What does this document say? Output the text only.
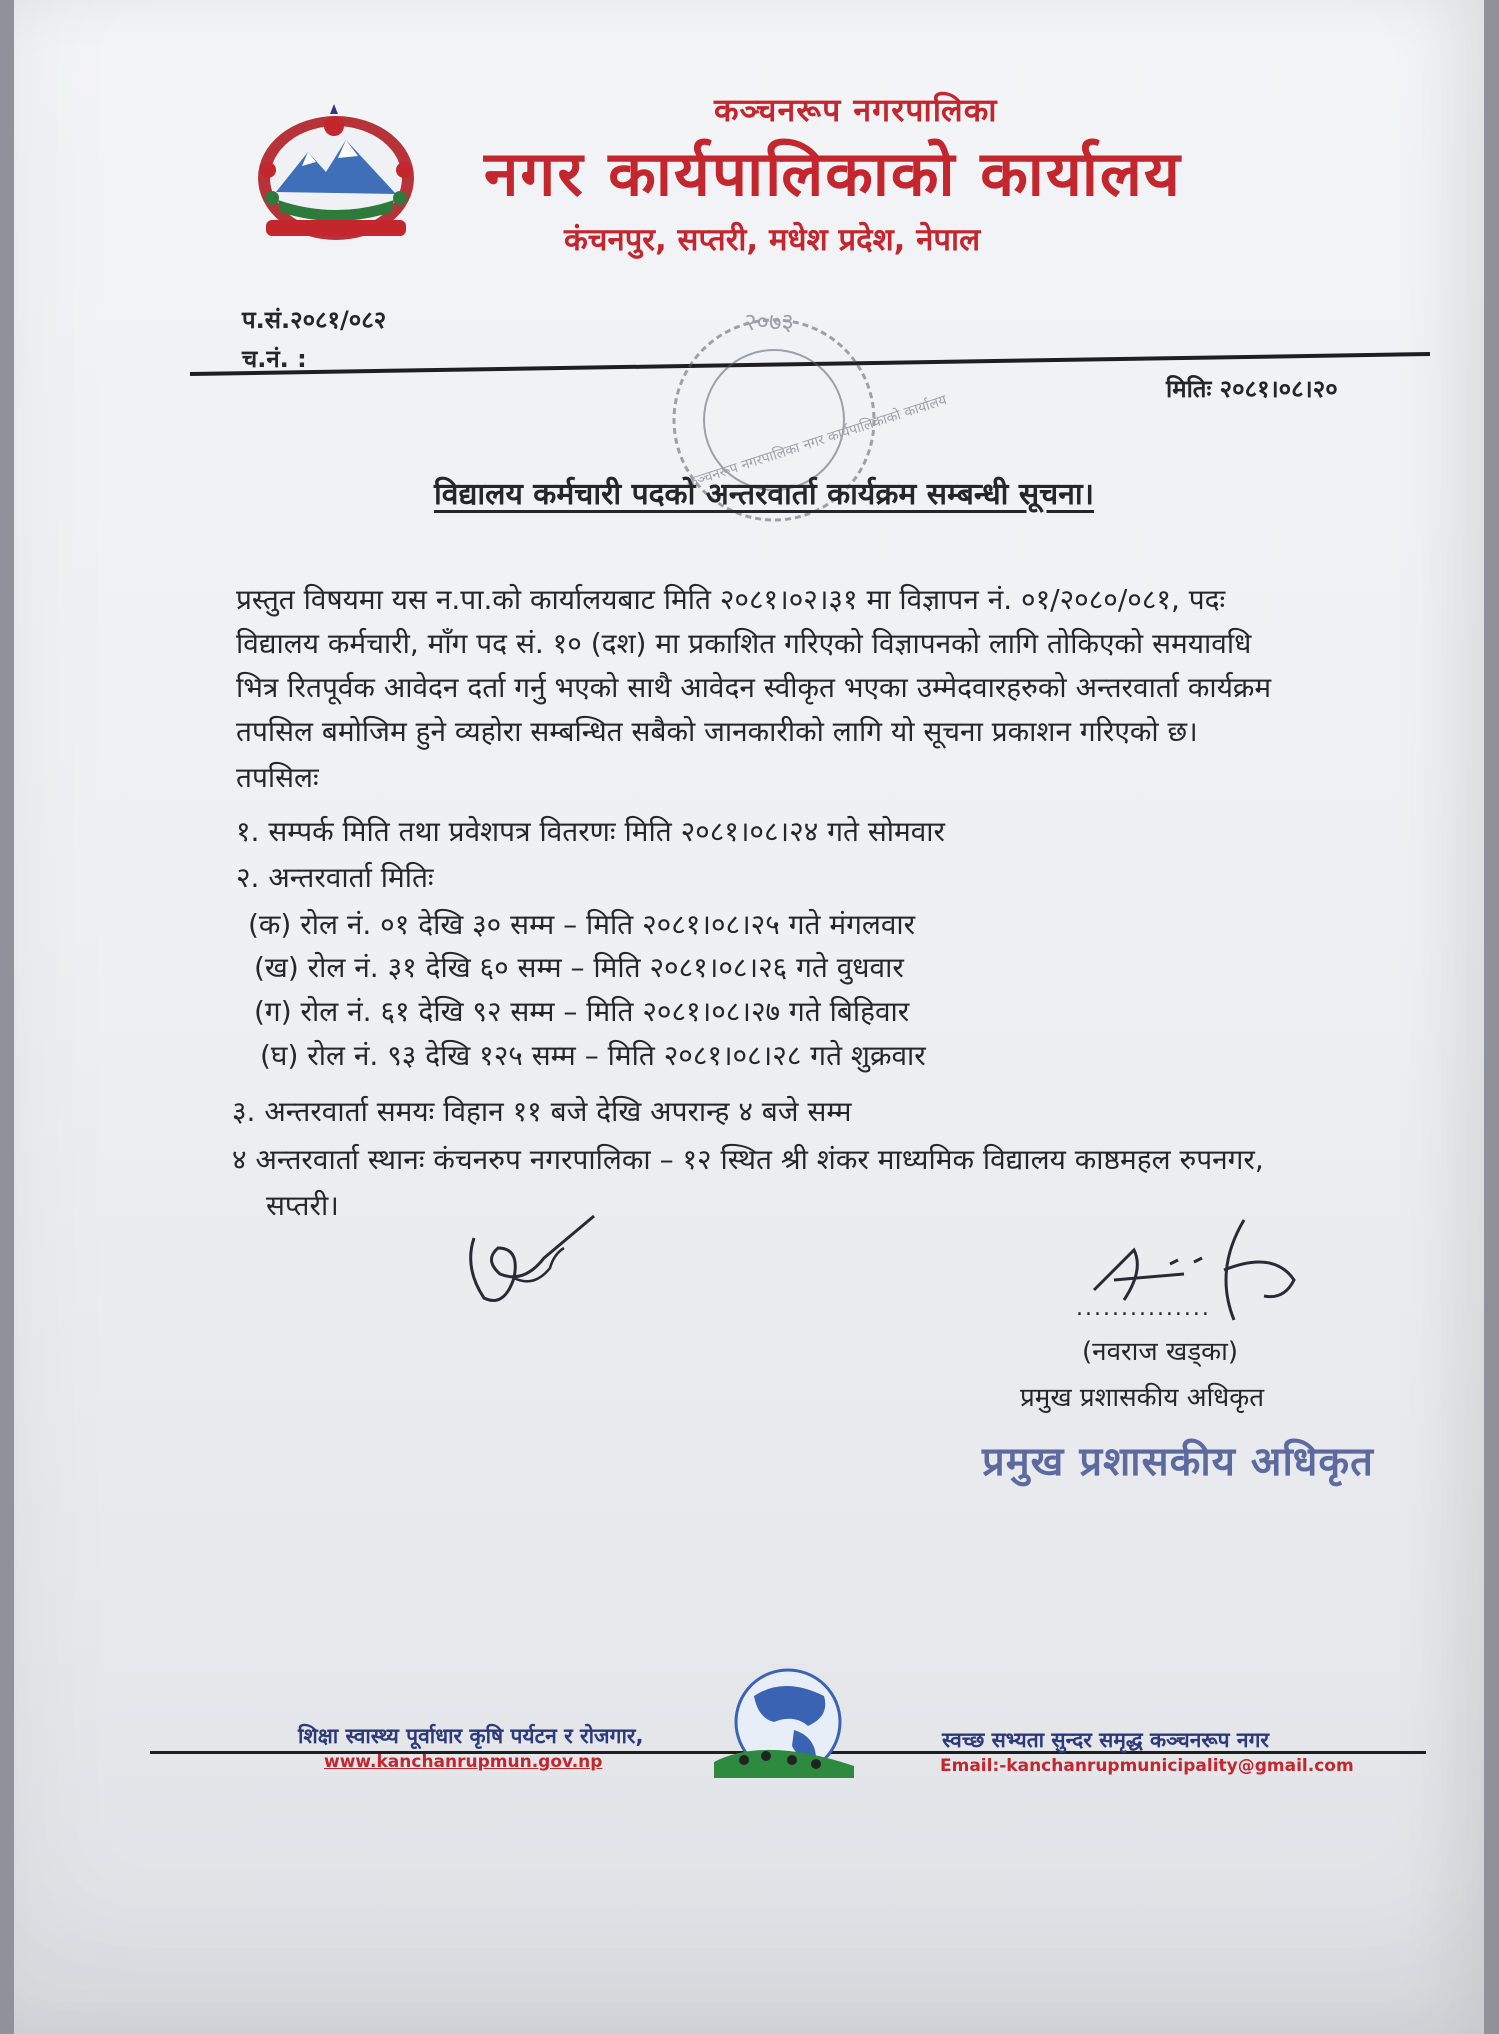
कञ्चनरूप नगरपालिका
नगर कार्यपालिकाको कार्यालय
कंचनपुर, सप्तरी, मधेश प्रदेश, नेपाल
प.सं.२०८१/०८२
च.नं. :
मितिः २०८१।०८।२०
२०७३
कञ्चनरूप नगरपालिका नगर कार्यपालिकाको कार्यालय
विद्यालय कर्मचारी पदको अन्तरवार्ता कार्यक्रम सम्बन्धी सूचना।
प्रस्तुत विषयमा यस न.पा.को कार्यालयबाट मिति २०८१।०२।३१ मा विज्ञापन नं. ०१/२०८०/०८१, पदः
विद्यालय कर्मचारी, माँग पद सं. १० (दश) मा प्रकाशित गरिएको विज्ञापनको लागि तोकिएको समयावधि
भित्र रितपूर्वक आवेदन दर्ता गर्नु भएको साथै आवेदन स्वीकृत भएका उम्मेदवारहरुको अन्तरवार्ता कार्यक्रम
तपसिल बमोजिम हुने व्यहोरा सम्बन्धित सबैको जानकारीको लागि यो सूचना प्रकाशन गरिएको छ।
तपसिलः
१. सम्पर्क मिति तथा प्रवेशपत्र वितरणः मिति २०८१।०८।२४ गते सोमवार
२. अन्तरवार्ता मितिः
(क) रोल नं. ०१ देखि ३० सम्म – मिति २०८१।०८।२५ गते मंगलवार
(ख) रोल नं. ३१ देखि ६० सम्म – मिति २०८१।०८।२६ गते वुधवार
(ग) रोल नं. ६१ देखि ९२ सम्म – मिति २०८१।०८।२७ गते बिहिवार
(घ) रोल नं. ९३ देखि १२५ सम्म – मिति २०८१।०८।२८ गते शुक्रवार
३. अन्तरवार्ता समयः विहान ११ बजे देखि अपरान्ह ४ बजे सम्म
४ अन्तरवार्ता स्थानः कंचनरुप नगरपालिका – १२ स्थित श्री शंकर माध्यमिक विद्यालय काष्ठमहल रुपनगर,
सप्तरी।
...............
(नवराज खड्का)
प्रमुख प्रशासकीय अधिकृत
प्रमुख प्रशासकीय अधिकृत
शिक्षा स्वास्थ्य पूर्वाधार कृषि पर्यटन र रोजगार,
www.kanchanrupmun.gov.np
स्वच्छ सभ्यता सुन्दर समृद्ध कञ्चनरूप नगर
Email:-kanchanrupmunicipality@gmail.com
